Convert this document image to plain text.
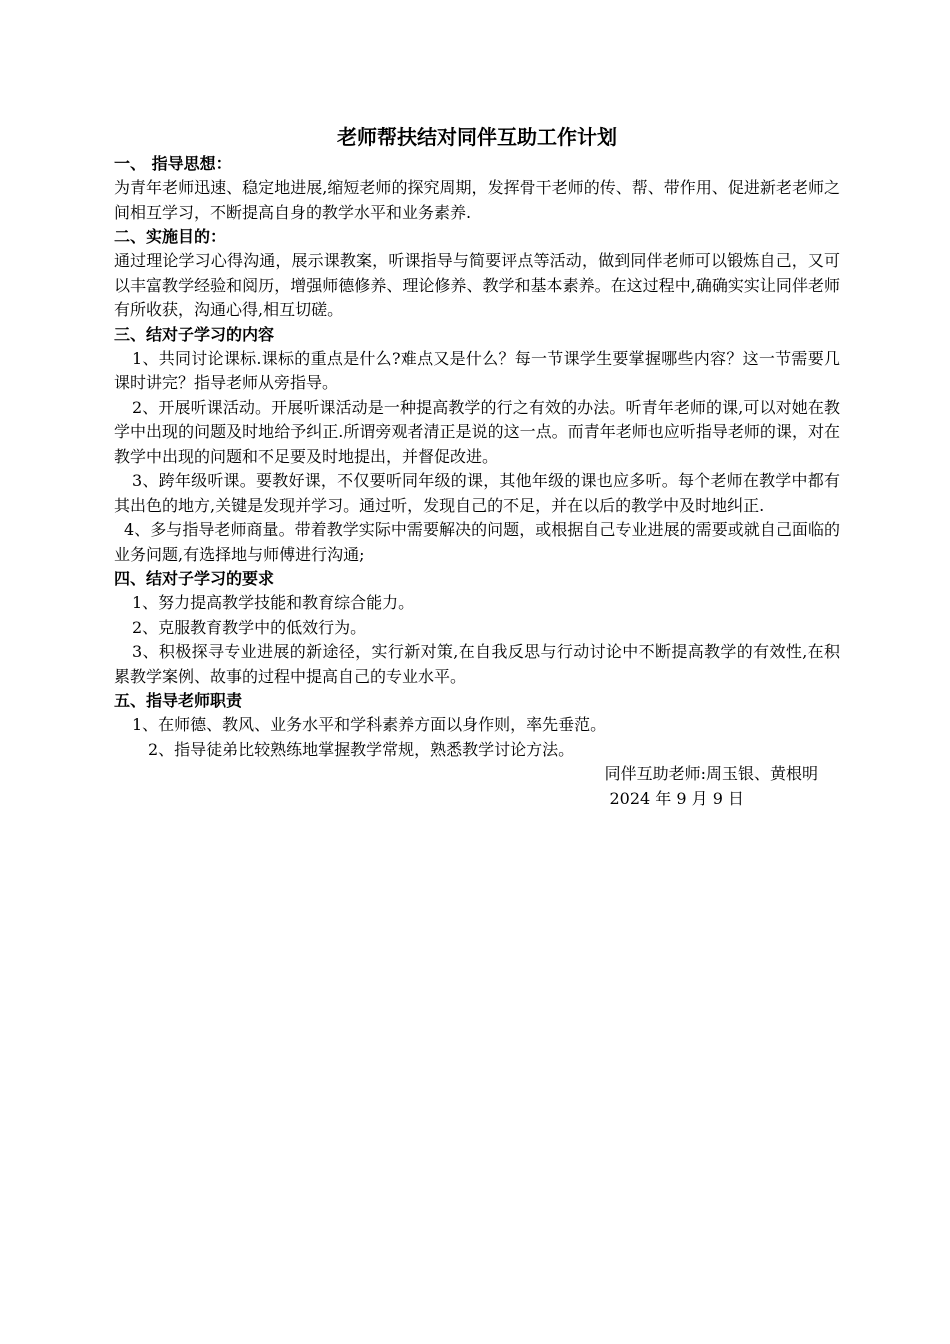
老师帮扶结对同伴互助工作计划

一、 指导思想：

为青年老师迅速、稳定地进展,缩短老师的探究周期，发挥骨干老师的传、帮、带作用、促进新老老师之间相互学习，不断提高自身的教学水平和业务素养.

二、实施目的：

通过理论学习心得沟通，展示课教案，听课指导与简要评点等活动，做到同伴老师可以锻炼自己，又可以丰富教学经验和阅历，增强师德修养、理论修养、教学和基本素养。在这过程中,确确实实让同伴老师有所收获，沟通心得,相互切磋。

三、结对子学习的内容

1、共同讨论课标.课标的重点是什么?难点又是什么？每一节课学生要掌握哪些内容？这一节需要几课时讲完？指导老师从旁指导。

2、开展听课活动。开展听课活动是一种提高教学的行之有效的办法。听青年老师的课,可以对她在教学中出现的问题及时地给予纠正.所谓旁观者清正是说的这一点。而青年老师也应听指导老师的课，对在教学中出现的问题和不足要及时地提出，并督促改进。

3、跨年级听课。要教好课，不仅要听同年级的课，其他年级的课也应多听。每个老师在教学中都有其出色的地方,关键是发现并学习。通过听，发现自己的不足，并在以后的教学中及时地纠正.

4、多与指导老师商量。带着教学实际中需要解决的问题，或根据自己专业进展的需要或就自己面临的业务问题,有选择地与师傅进行沟通;

四、结对子学习的要求

1、努力提高教学技能和教育综合能力。

2、克服教育教学中的低效行为。

3、积极探寻专业进展的新途径，实行新对策,在自我反思与行动讨论中不断提高教学的有效性,在积累教学案例、故事的过程中提高自己的专业水平。

五、指导老师职责

1、在师德、教风、业务水平和学科素养方面以身作则，率先垂范。

2、指导徒弟比较熟练地掌握教学常规，熟悉教学讨论方法。

同伴互助老师:周玉银、黄根明

2024 年 9 月 9 日
